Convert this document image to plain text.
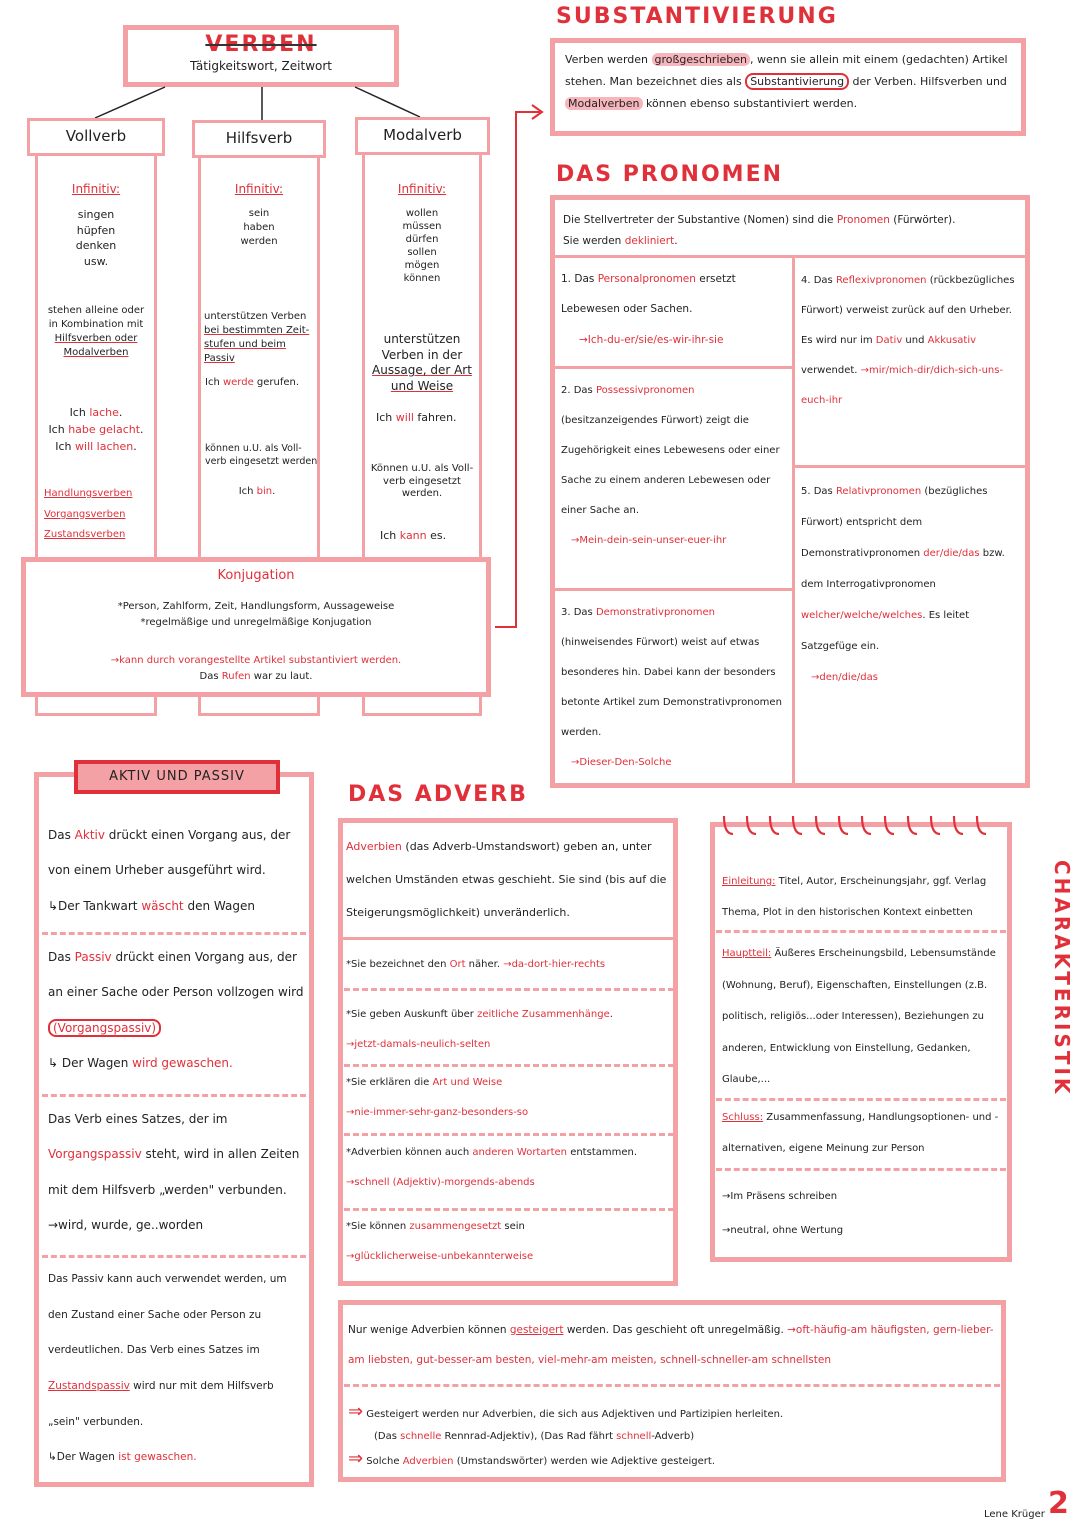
VERBEN
Tätigkeitswort, Zeitwort
Vollverb	Hilfsverb	Modalverb
Infinitiv:
singen
hüpfen
denken
usw.
stehen alleine oder
in Kombination mit
Hilfsverben oder
Modalverben
Ich lache.
Ich habe gelacht.
Ich will lachen.
Handlungsverben
Vorgangsverben
Zustandsverben
Infinitiv:
sein
haben
werden
unterstützen Verben
bei bestimmten Zeit-
stufen und beim Passiv
Ich werde gerufen.
können u.U. als Voll-
verb eingesetzt werden
Ich bin.
Infinitiv:
wollen
müssen
dürfen
sollen
mögen
können
unterstützen
Verben in der
Aussage, der Art
und Weise
Ich will fahren.
Können u.U. als Voll-
verb eingesetzt
werden.
Ich kann es.
Konjugation
*Person, Zahlform, Zeit, Handlungsform, Aussageweise
*regelmäßige und unregelmäßige Konjugation
→kann durch vorangestellte Artikel substantiviert werden.
Das Rufen war zu laut.
SUBSTANTIVIERUNG

Verben werden großgeschrieben , wenn sie allein mit einem (gedachten) Artikel stehen. Man bezeichnet dies als Substantivierung der Verben. Hilfsverben und Modalverben können ebenso substantiviert werden.

DAS PRONOMEN
Die Stellvertreter der Substantive (Nomen) sind die Pronomen (Fürwörter).
Sie werden dekliniert.
1. Das Personalpronomen ersetzt Lebewesen oder Sachen.
→Ich-du-er/sie/es-wir-ihr-sie
2. Das Possessivpronomen (besitzanzeigendes Fürwort) zeigt die Zugehörigkeit eines Lebewesens oder einer Sache zu einem anderen Lebewesen oder einer Sache an.
→Mein-dein-sein-unser-euer-ihr
3. Das Demonstrativpronomen (hinweisendes Fürwort) weist auf etwas besonderes hin. Dabei kann der besonders betonte Artikel zum Demonstrativpronomen werden.
→Dieser-Den-Solche
4. Das Reflexivpronomen (rückbezügliches Fürwort) verweist zurück auf den Urheber. Es wird nur im Dativ und Akkusativ verwendet. →mir/mich-dir/dich-sich-uns-euch-ihr
5. Das Relativpronomen (bezügliches Fürwort) entspricht dem Demonstrativpronomen der/die/das bzw. dem Interrogativpronomen welcher/welche/welches. Es leitet Satzgefüge ein.
→den/die/das
AKTIV UND PASSIV

Das Aktiv drückt einen Vorgang aus, der von einem Urheber ausgeführt wird.
↳Der Tankwart wäscht den Wagen

Das Passiv drückt einen Vorgang aus, der an einer Sache oder Person vollzogen wird (Vorgangspassiv)
↳ Der Wagen wird gewaschen.

Das Verb eines Satzes, der im Vorgangspassiv steht, wird in allen Zeiten mit dem Hilfsverb „werden" verbunden. →wird, wurde, ge..worden

Das Passiv kann auch verwendet werden, um den Zustand einer Sache oder Person zu verdeutlichen. Das Verb eines Satzes im Zustandspassiv wird nur mit dem Hilfsverb „sein" verbunden.
↳Der Wagen ist gewaschen.

DAS ADVERB

Adverbien (das Adverb-Umstandswort) geben an, unter welchen Umständen etwas geschieht. Sie sind (bis auf die Steigerungsmöglichkeit) unveränderlich.

*Sie bezeichnet den Ort näher. →da-dort-hier-rechts
*Sie geben Auskunft über zeitliche Zusammenhänge.
→jetzt-damals-neulich-selten
*Sie erklären die Art und Weise
→nie-immer-sehr-ganz-besonders-so
*Adverbien können auch anderen Wortarten entstammen.
→schnell (Adjektiv)-morgends-abends
*Sie können zusammengesetzt sein
→glücklicherweise-unbekannterweise
Nur wenige Adverbien können gesteigert werden. Das geschieht oft unregelmäßig. →oft-häufig-am häufigsten, gern-lieber-am liebsten, gut-besser-am besten, viel-mehr-am meisten, schnell-schneller-am schnellsten
⇒ Gesteigert werden nur Adverbien, die sich aus Adjektiven und Partizipien herleiten.
(Das schnelle Rennrad-Adjektiv), (Das Rad fährt schnell-Adverb)
⇒ Solche Adverbien (Umstandswörter) werden wie Adjektive gesteigert.
Einleitung: Titel, Autor, Erscheinungsjahr, ggf. Verlag Thema, Plot in den historischen Kontext einbetten
Hauptteil: Äußeres Erscheinungsbild, Lebensumstände (Wohnung, Beruf), Eigenschaften, Einstellungen (z.B. politisch, religiös...oder Interessen), Beziehungen zu anderen, Entwicklung von Einstellung, Gedanken, Glaube,...
Schluss: Zusammenfassung, Handlungsoptionen- und -alternativen, eigene Meinung zur Person
→Im Präsens schreiben
→neutral, ohne Wertung
CHARAKTERISTIK
Lene Krüger 2
